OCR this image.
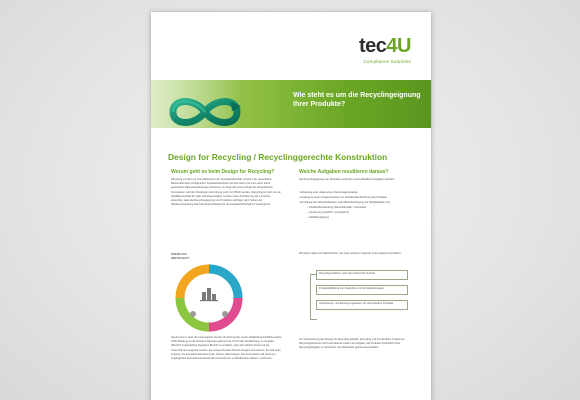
tec4U
Compliance Solutions
Wie steht es um die Recyclingeignung Ihrer Produkte?
Design for Recycling / Recyclinggerechte Konstruktion
Worum geht es beim Design for Recycling?
Recycling ist nicht nur eine Maßnahme der Kreislaufwirtschaft, sondern der wesentliche Bestandteil einer erfolgreichen Kreislaufwirtschaft und wird mehr und mehr auch durch gesetzliche Rahmenbedingungen bestimmt. Im Zuge des Green Deals der Europäischen Kommission wird die Ökodesign-Verordnung mehr zur Pflicht werden. Recycling ist nicht nur ein Qualitätsmerkmal für viele Industrieprodukte, sondern auch Anforderung. Es ist bereits erkennbar, dass die Recyclingeignung von Produkten wichtiger wird. Neben der Wiederverwendung steht die Recycelbarkeit für die Kreislaufwirtschaft im Vordergrund.
KREISLAUF-
WIRTSCHAFT
Heute kommt, dass der Gesetzgeber bei der Umsetzung der neuen Abfallrahmenrichtlinie (siehe SCIP-Meldung an die ECHA) Folgendes geformt hat. Durch die Verpflichtung, in zentralen öffentlich zugänglichen Registern Bericht zu erstatten, kann der erhöhte Druck auf die Unternehmen ausgeübt werden, die entsprechenden Bestimmungen umzusetzen. Es wird auch erwartet, die komplette Erreichung der Quoten offenzulegen. Die Kommission will durch ein zugängliches Informationsmaterial die Unternehmen im Wettbewerb stärken, motivieren.
Welche Aufgaben resultieren daraus?
Die Recyclingeignung von Produkten wird über unterschiedliche Aufgaben definiert:
• Erstellung einer allgemeinen Demontagestrategie
• Festlegung einer Vorgehensweise zur Schadstoffentfrachtung der Produkte
• Ermittlung der Verwertbarkeiten unter Berücksichtigung der Möglichkeiten von:
– Werkstoffverwertung (Sekundärstoffe / Granulate)
– Verwertung (stofflich / energetisch)
– Abfallbeseitigung
Wir bilden dabei auf Datenbanken, die unter anderem folgende Informationen beinhalten:
Recyclingverfahren nach dem Stand der Technik
Produktabbildung von Zielstoffen und Schadstoffmengen
Verwertungs- und Entsorgungskosten für verschiedene Produkte
Zur Verbesserung des Design for Recycling arbeiten Recycling und Konstruktion zusammen. Recyclingfachleute und Konstrukteure haben die Aufgabe, die Produkte hinsichtlich ihrer Recyclingfähigkeit zu optimieren und Werkstoffe gezielt auszuwählen.
